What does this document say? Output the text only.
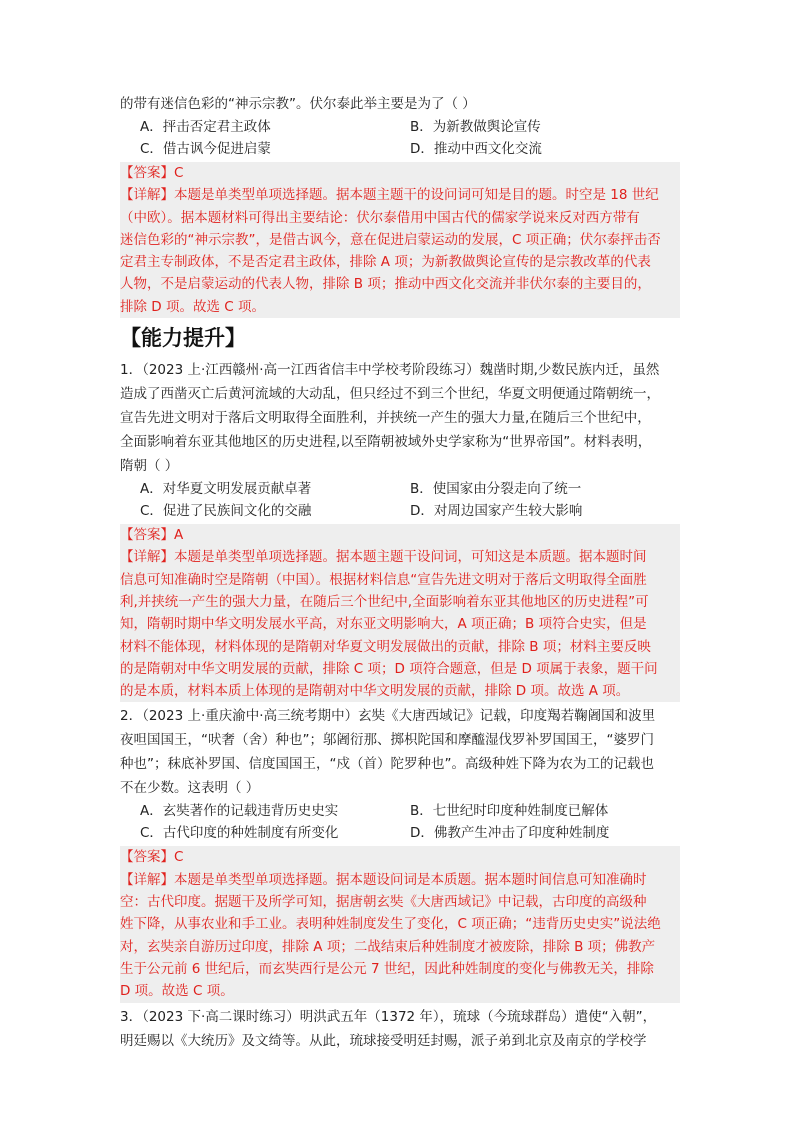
的带有迷信色彩的“神示宗教”。伏尔泰此举主要是为了（ ）
A．抨击否定君主政体	B．为新教做舆论宣传
C．借古讽今促进启蒙	D．推动中西文化交流
【答案】C
【详解】本题是单类型单项选择题。据本题主题干的设问词可知是目的题。时空是 18 世纪
（中欧）。据本题材料可得出主要结论：伏尔泰借用中国古代的儒家学说来反对西方带有
迷信色彩的“神示宗教”，是借古讽今，意在促进启蒙运动的发展，C 项正确；伏尔泰抨击否
定君主专制政体，不是否定君主政体，排除 A 项；为新教做舆论宣传的是宗教改革的代表
人物，不是启蒙运动的代表人物，排除 B 项；推动中西文化交流并非伏尔泰的主要目的，
排除 D 项。故选 C 项。
【能力提升】
1．（2023 上·江西赣州·高一江西省信丰中学校考阶段练习）魏凿时期,少数民族内迁，虽然
造成了西凿灭亡后黄河流域的大动乱，但只经过不到三个世纪，华夏文明便通过隋朝统一，
宣告先进文明对于落后文明取得全面胜利，并挟统一产生的强大力量,在随后三个世纪中，
全面影响着东亚其他地区的历史进程,以至隋朝被域外史学家称为“世界帝国”。材料表明，
隋朝（ ）
A．对华夏文明发展贡献卓著	B．使国家由分裂走向了统一
C．促进了民族间文化的交融	D．对周边国家产生较大影响
【答案】A
【详解】本题是单类型单项选择题。据本题主题干设问词，可知这是本质题。据本题时间
信息可知准确时空是隋朝（中国）。根据材料信息“宣告先进文明对于落后文明取得全面胜
利,并挟统一产生的强大力量，在随后三个世纪中,全面影响着东亚其他地区的历史进程”可
知，隋朝时期中华文明发展水平高，对东亚文明影响大，A 项正确；B 项符合史实，但是
材料不能体现，材料体现的是隋朝对华夏文明发展做出的贡献，排除 B 项；材料主要反映
的是隋朝对中华文明发展的贡献，排除 C 项；D 项符合题意，但是 D 项属于表象，题干问
的是本质，材料本质上体现的是隋朝对中华文明发展的贡献，排除 D 项。故选 A 项。
2．（2023 上·重庆渝中·高三统考期中）玄奘《大唐西域记》记载，印度羯若鞠阇国和波里
夜呾国国王，“吠奢（舍）种也”；邬阇衍那、掷枳陀国和摩醯湿伐罗补罗国国王，“婆罗门
种也”；秣底补罗国、信度国国王，“戍（首）陀罗种也”。高级种姓下降为农为工的记载也
不在少数。这表明（ ）
A．玄奘著作的记载违背历史史实	B．七世纪时印度种姓制度已解体
C．古代印度的种姓制度有所变化	D．佛教产生冲击了印度种姓制度
【答案】C
【详解】本题是单类型单项选择题。据本题设问词是本质题。据本题时间信息可知准确时
空：古代印度。据题干及所学可知，据唐朝玄奘《大唐西域记》中记载，古印度的高级种
姓下降，从事农业和手工业。表明种姓制度发生了变化，C 项正确；“违背历史史实”说法绝
对，玄奘亲自游历过印度，排除 A 项；二战结束后种姓制度才被废除，排除 B 项；佛教产
生于公元前 6 世纪后，而玄奘西行是公元 7 世纪，因此种姓制度的变化与佛教无关，排除
D 项。故选 C 项。
3．（2023 下·高二课时练习）明洪武五年（1372 年），琉球（今琉球群岛）遣使“入朝”，
明廷赐以《大统历》及文绮等。从此，琉球接受明廷封赐，派子弟到北京及南京的学校学
